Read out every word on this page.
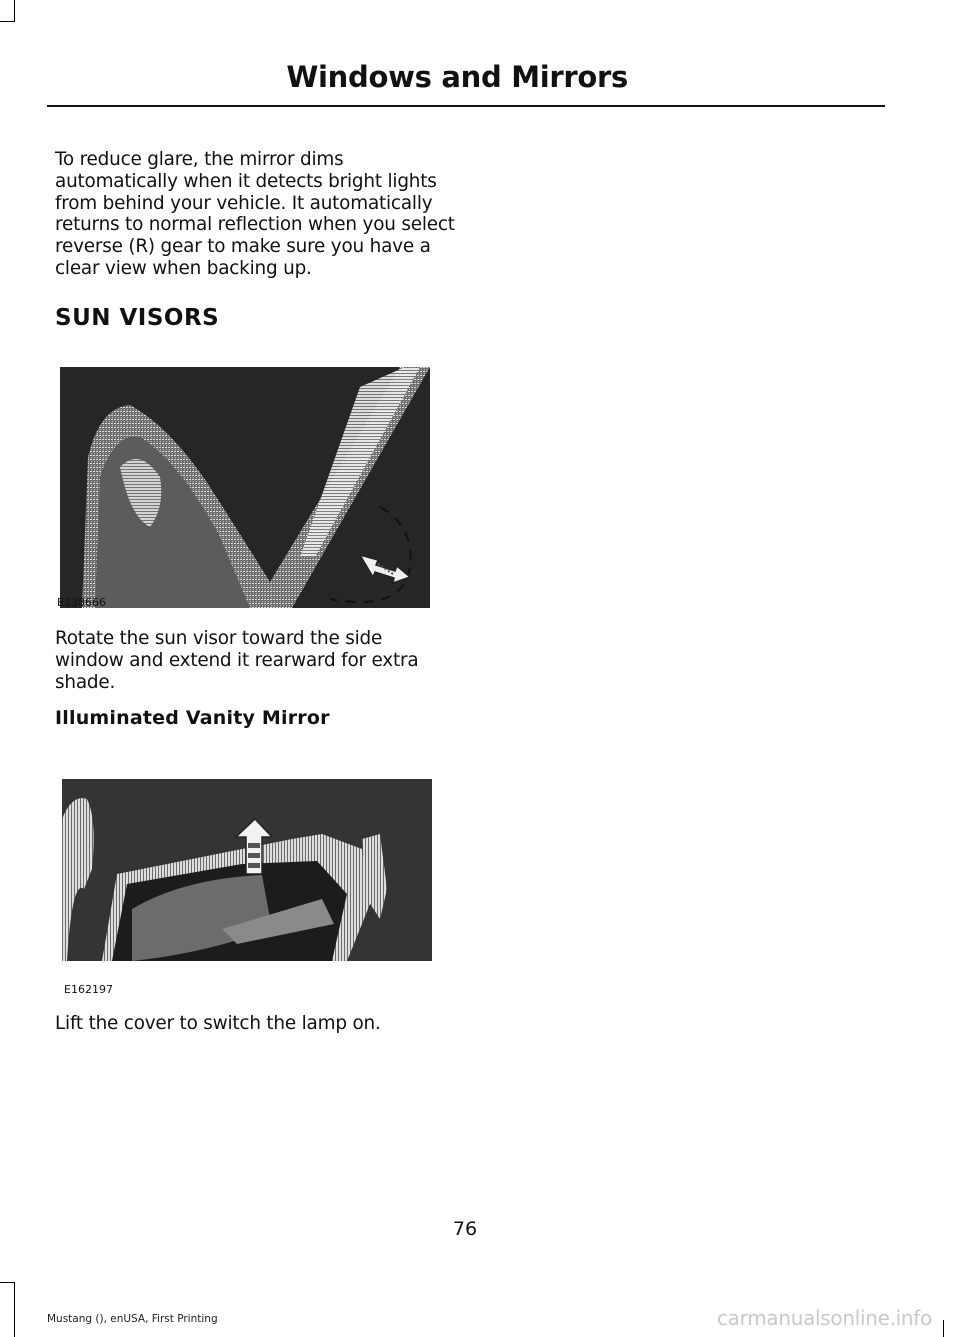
Windows and Mirrors

To reduce glare, the mirror dims automatically when it detects bright lights from behind your vehicle. It automatically returns to normal reflection when you select reverse (R) gear to make sure you have a clear view when backing up.

SUN VISORS
E138666

Rotate the sun visor toward the side window and extend it rearward for extra shade.

Illuminated Vanity Mirror
E162197

Lift the cover to switch the lamp on.

76
Mustang (), enUSA, First Printing	carmanualsonline.info
